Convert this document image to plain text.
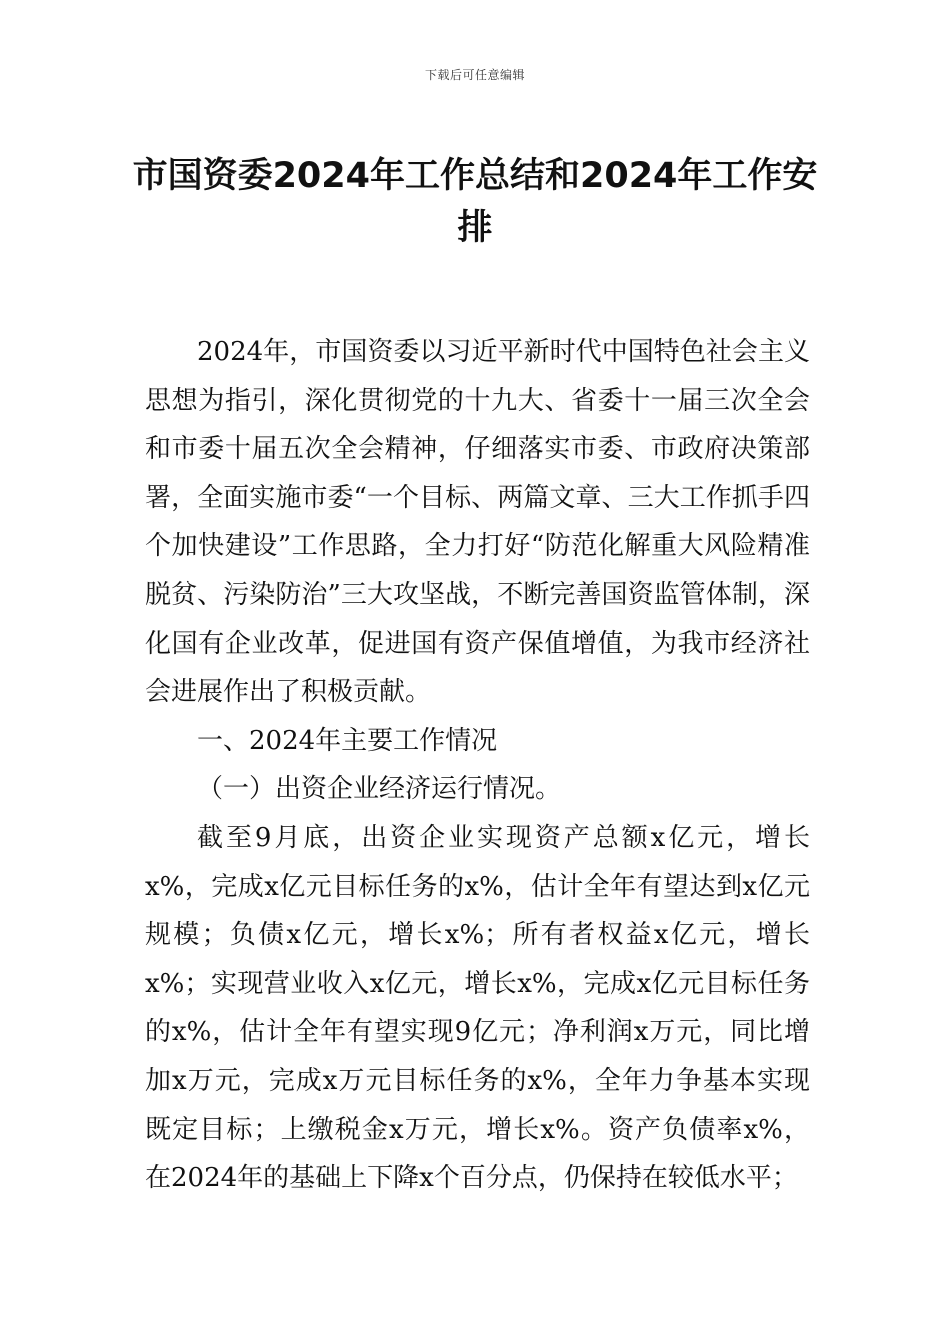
下载后可任意编辑
市国资委2024年工作总结和2024年工作安排

2024年，市国资委以习近平新时代中国特色社会主义思想为指引，深化贯彻党的十九大、省委十一届三次全会和市委十届五次全会精神，仔细落实市委、市政府决策部署，全面实施市委“一个目标、两篇文章、三大工作抓手四个加快建设”工作思路，全力打好“防范化解重大风险精准脱贫、污染防治”三大攻坚战，不断完善国资监管体制，深化国有企业改革，促进国有资产保值增值，为我市经济社会进展作出了积极贡献。

一、2024年主要工作情况

（一）出资企业经济运行情况。

截至9月底，出资企业实现资产总额x亿元，增长x%，完成x亿元目标任务的x%，估计全年有望达到x亿元规模；负债x亿元，增长x%；所有者权益x亿元，增长x%；实现营业收入x亿元，增长x%，完成x亿元目标任务的x%，估计全年有望实现9亿元；净利润x万元，同比增加x万元，完成x万元目标任务的x%，全年力争基本实现既定目标；上缴税金x万元，增长x%。资产负债率x%，在2024年的基础上下降x个百分点，仍保持在较低水平；
